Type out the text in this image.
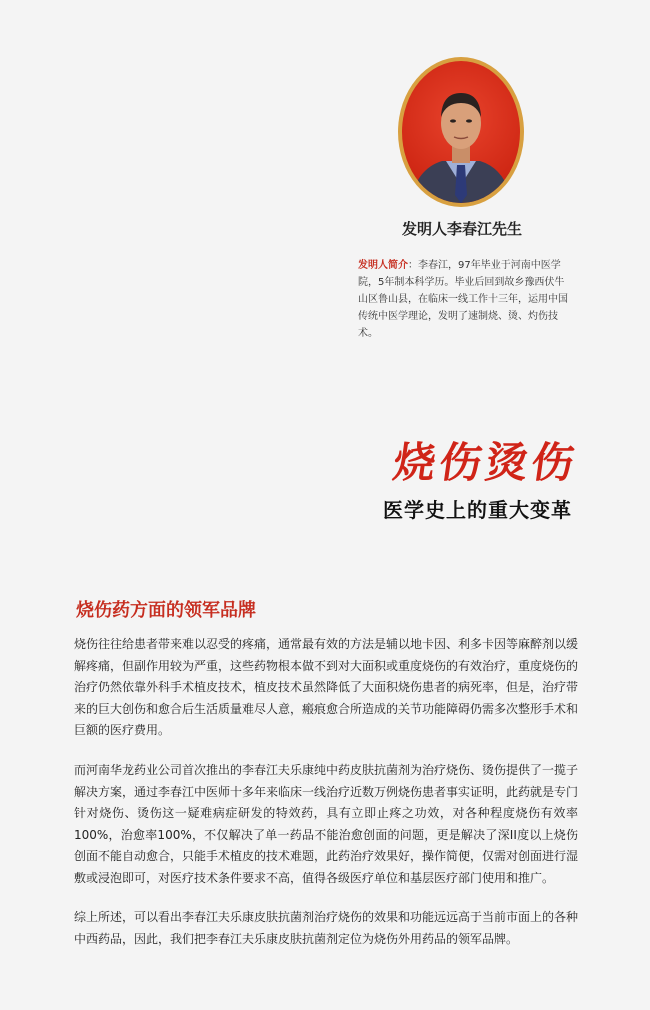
发明人李春江先生
发明人简介：李春江，97年毕业于河南中医学院，5年制本科学历。毕业后回到故乡豫西伏牛山区鲁山县，在临床一线工作十三年，运用中国传统中医学理论，发明了速制烧、烫、灼伤技术。
烧伤烫伤
医学史上的重大变革
烧伤药方面的领军品牌

烧伤往往给患者带来难以忍受的疼痛，通常最有效的方法是辅以地卡因、利多卡因等麻醉剂以缓解疼痛，但副作用较为严重，这些药物根本做不到对大面积或重度烧伤的有效治疗，重度烧伤的治疗仍然依靠外科手术植皮技术，植皮技术虽然降低了大面积烧伤患者的病死率，但是，治疗带来的巨大创伤和愈合后生活质量难尽人意，瘢痕愈合所造成的关节功能障碍仍需多次整形手术和巨额的医疗费用。

而河南华龙药业公司首次推出的李春江夫乐康纯中药皮肤抗菌剂为治疗烧伤、烫伤提供了一揽子解决方案，通过李春江中医师十多年来临床一线治疗近数万例烧伤患者事实证明，此药就是专门针对烧伤、烫伤这一疑难病症研发的特效药，具有立即止疼之功效，对各种程度烧伤有效率100%，治愈率100%，不仅解决了单一药品不能治愈创面的问题，更是解决了深II度以上烧伤创面不能自动愈合，只能手术植皮的技术难题，此药治疗效果好，操作简便，仅需对创面进行湿敷或浸泡即可，对医疗技术条件要求不高，值得各级医疗单位和基层医疗部门使用和推广。

综上所述，可以看出李春江夫乐康皮肤抗菌剂治疗烧伤的效果和功能远远高于当前市面上的各种中西药品，因此，我们把李春江夫乐康皮肤抗菌剂定位为烧伤外用药品的领军品牌。
